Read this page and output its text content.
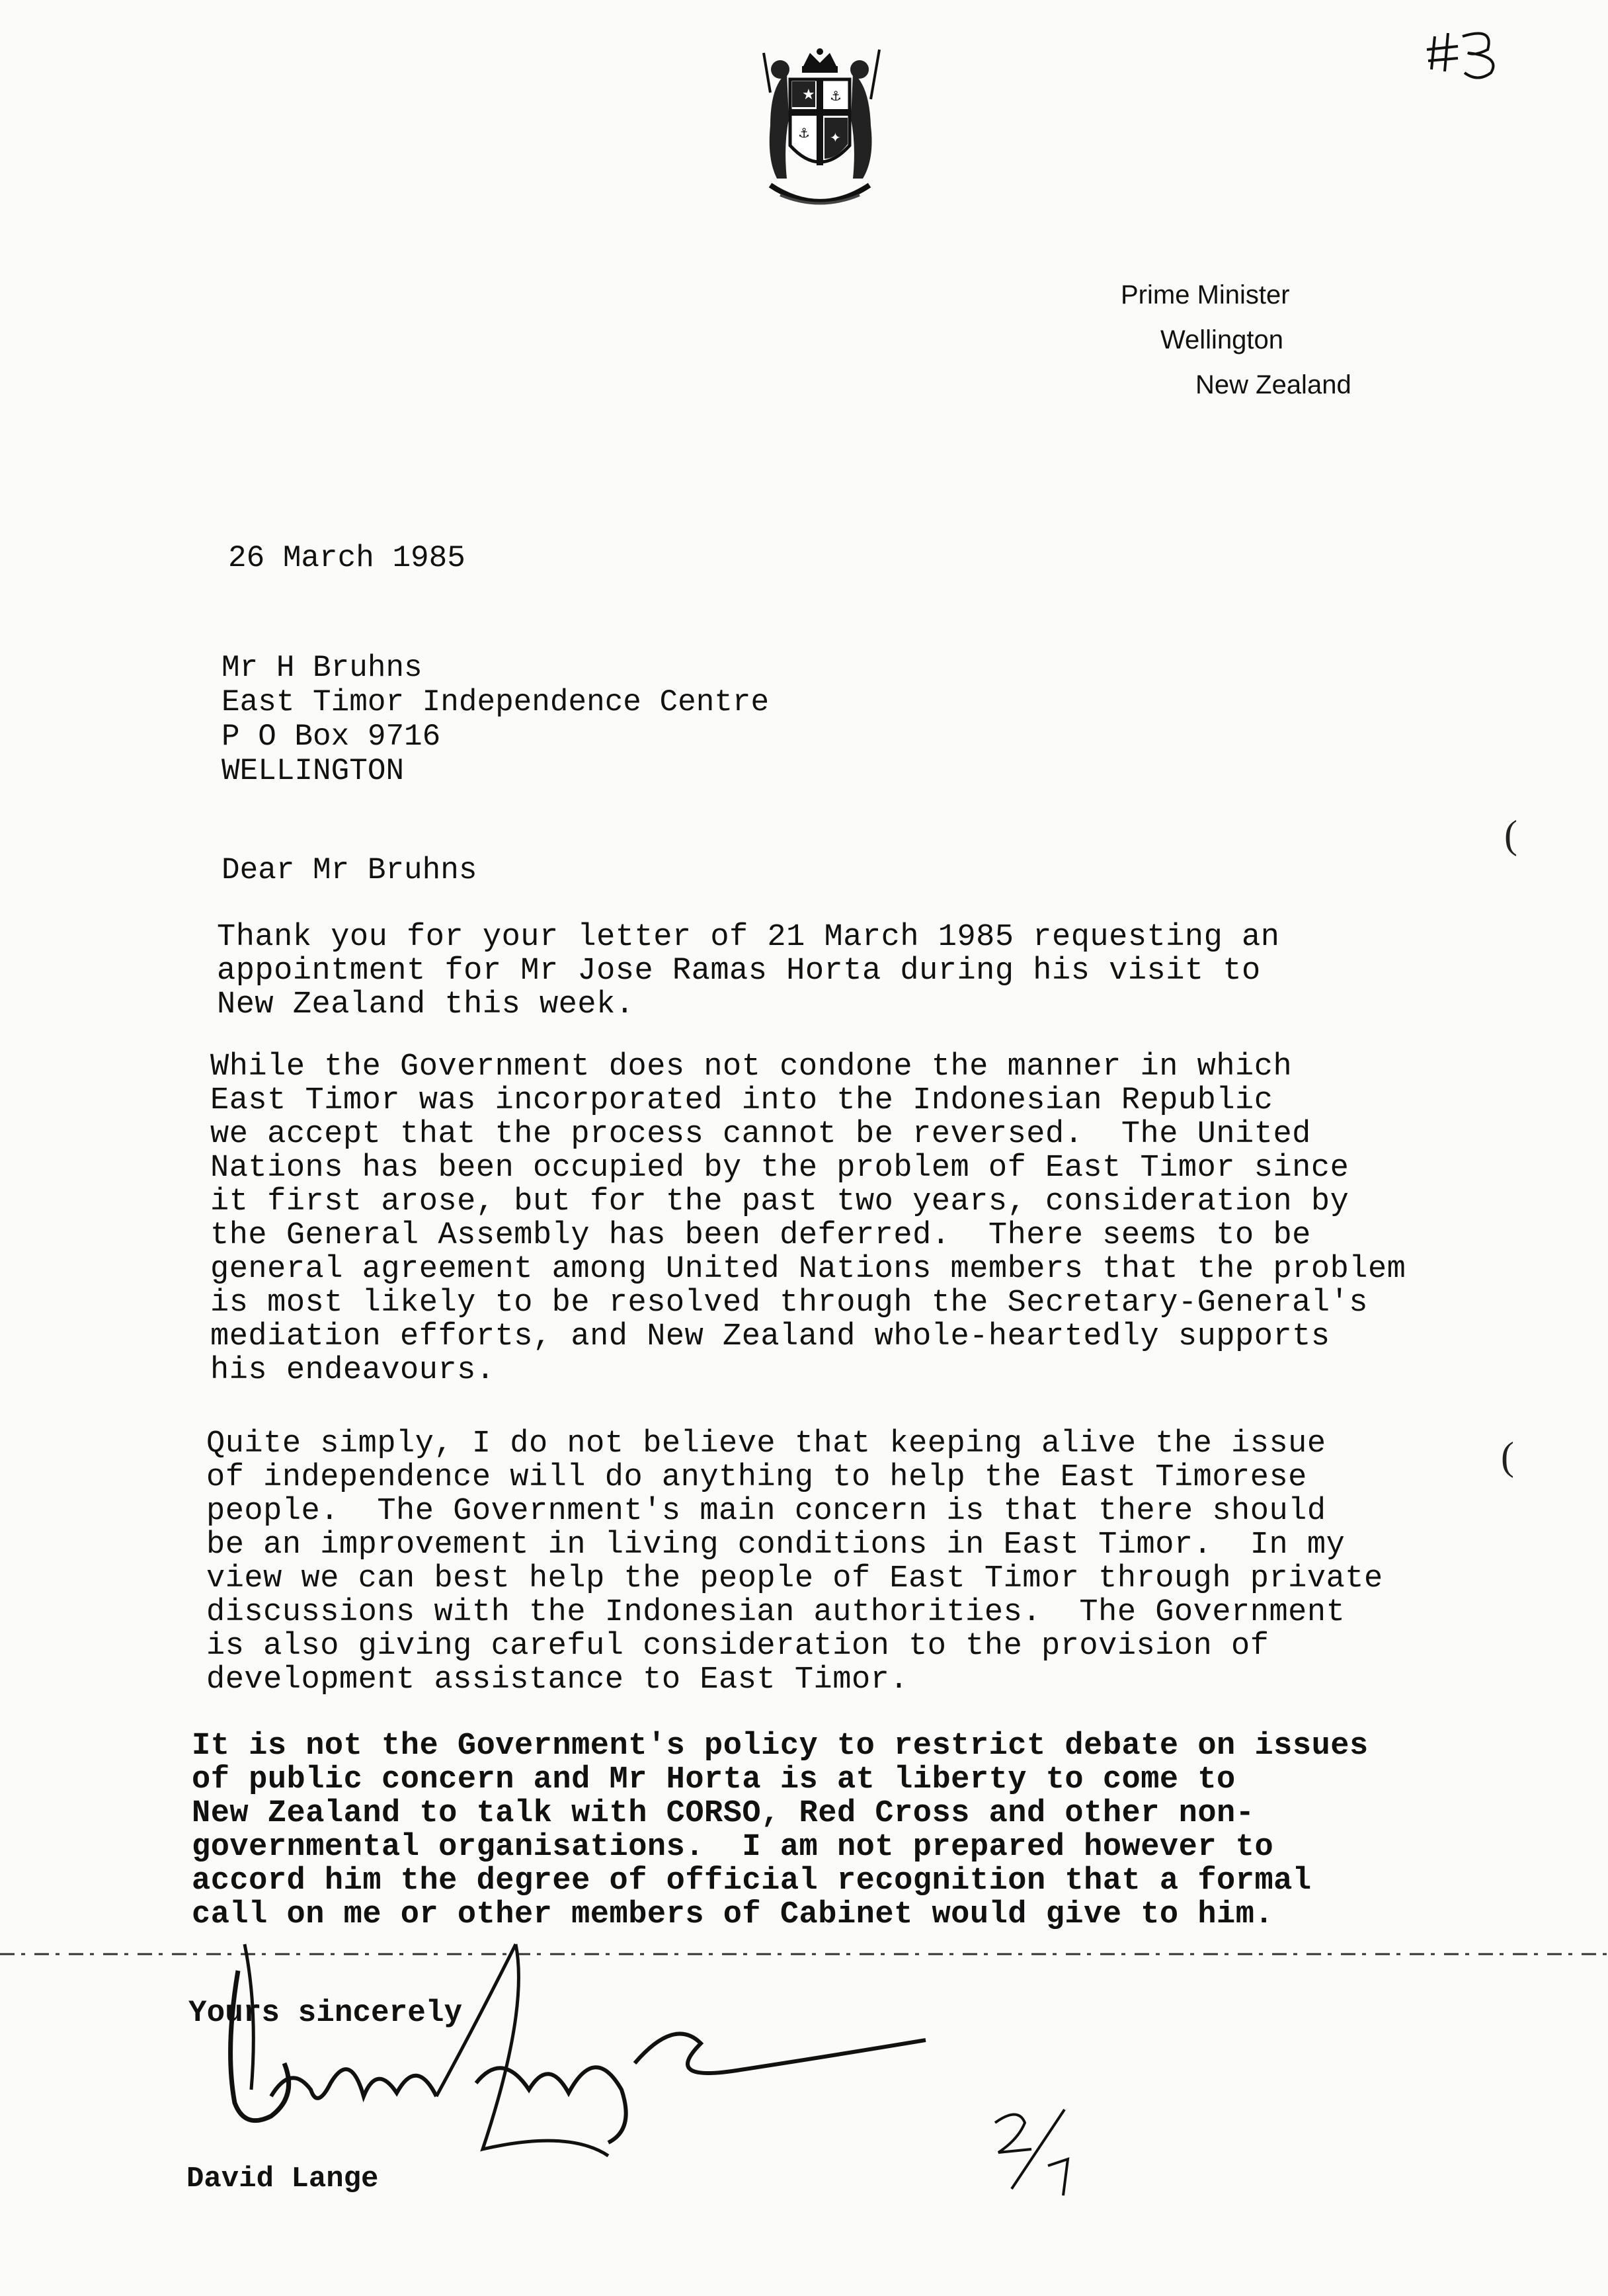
★ ⚓
⚓ ✦
Prime Minister
Wellington
New Zealand
26 March 1985
Mr H Bruhns
East Timor Independence Centre
P O Box 9716
WELLINGTON
Dear Mr Bruhns
Thank you for your letter of 21 March 1985 requesting an
appointment for Mr Jose Ramas Horta during his visit to
New Zealand this week.
While the Government does not condone the manner in which
East Timor was incorporated into the Indonesian Republic
we accept that the process cannot be reversed.  The United
Nations has been occupied by the problem of East Timor since
it first arose, but for the past two years, consideration by
the General Assembly has been deferred.  There seems to be
general agreement among United Nations members that the problem
is most likely to be resolved through the Secretary-General's
mediation efforts, and New Zealand whole-heartedly supports
his endeavours.
Quite simply, I do not believe that keeping alive the issue
of independence will do anything to help the East Timorese
people.  The Government's main concern is that there should
be an improvement in living conditions in East Timor.  In my
view we can best help the people of East Timor through private
discussions with the Indonesian authorities.  The Government
is also giving careful consideration to the provision of
development assistance to East Timor.
It is not the Government's policy to restrict debate on issues
of public concern and Mr Horta is at liberty to come to
New Zealand to talk with CORSO, Red Cross and other non-
governmental organisations.  I am not prepared however to
accord him the degree of official recognition that a formal
call on me or other members of Cabinet would give to him.
(
(
Yours sincerely
David Lange
